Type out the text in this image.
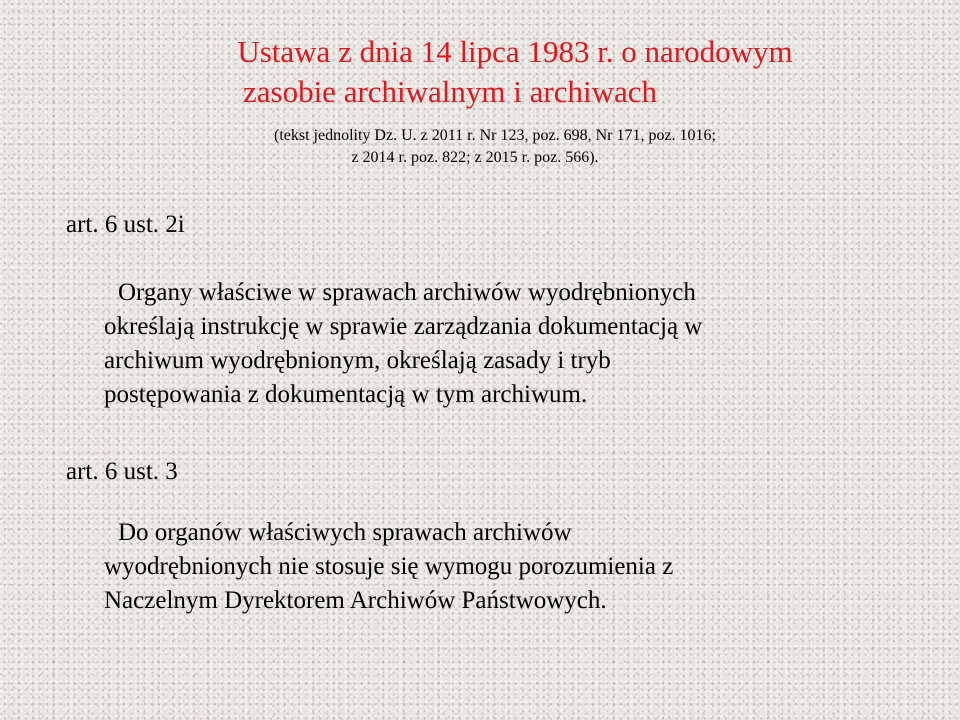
Ustawa z dnia 14 lipca 1983 r. o narodowym
zasobie archiwalnym i archiwach

(tekst jednolity Dz. U. z 2011 r. Nr 123, poz. 698, Nr 171, poz. 1016;
z 2014 r. poz. 822; z 2015 r. poz. 566).

art. 6 ust. 2i

Organy właściwe w sprawach archiwów wyodrębnionych
określają instrukcję w sprawie zarządzania dokumentacją w
archiwum wyodrębnionym, określają zasady i tryb
postępowania z dokumentacją w tym archiwum.

art. 6 ust. 3

Do organów właściwych sprawach archiwów
wyodrębnionych nie stosuje się wymogu porozumienia z
Naczelnym Dyrektorem Archiwów Państwowych.
